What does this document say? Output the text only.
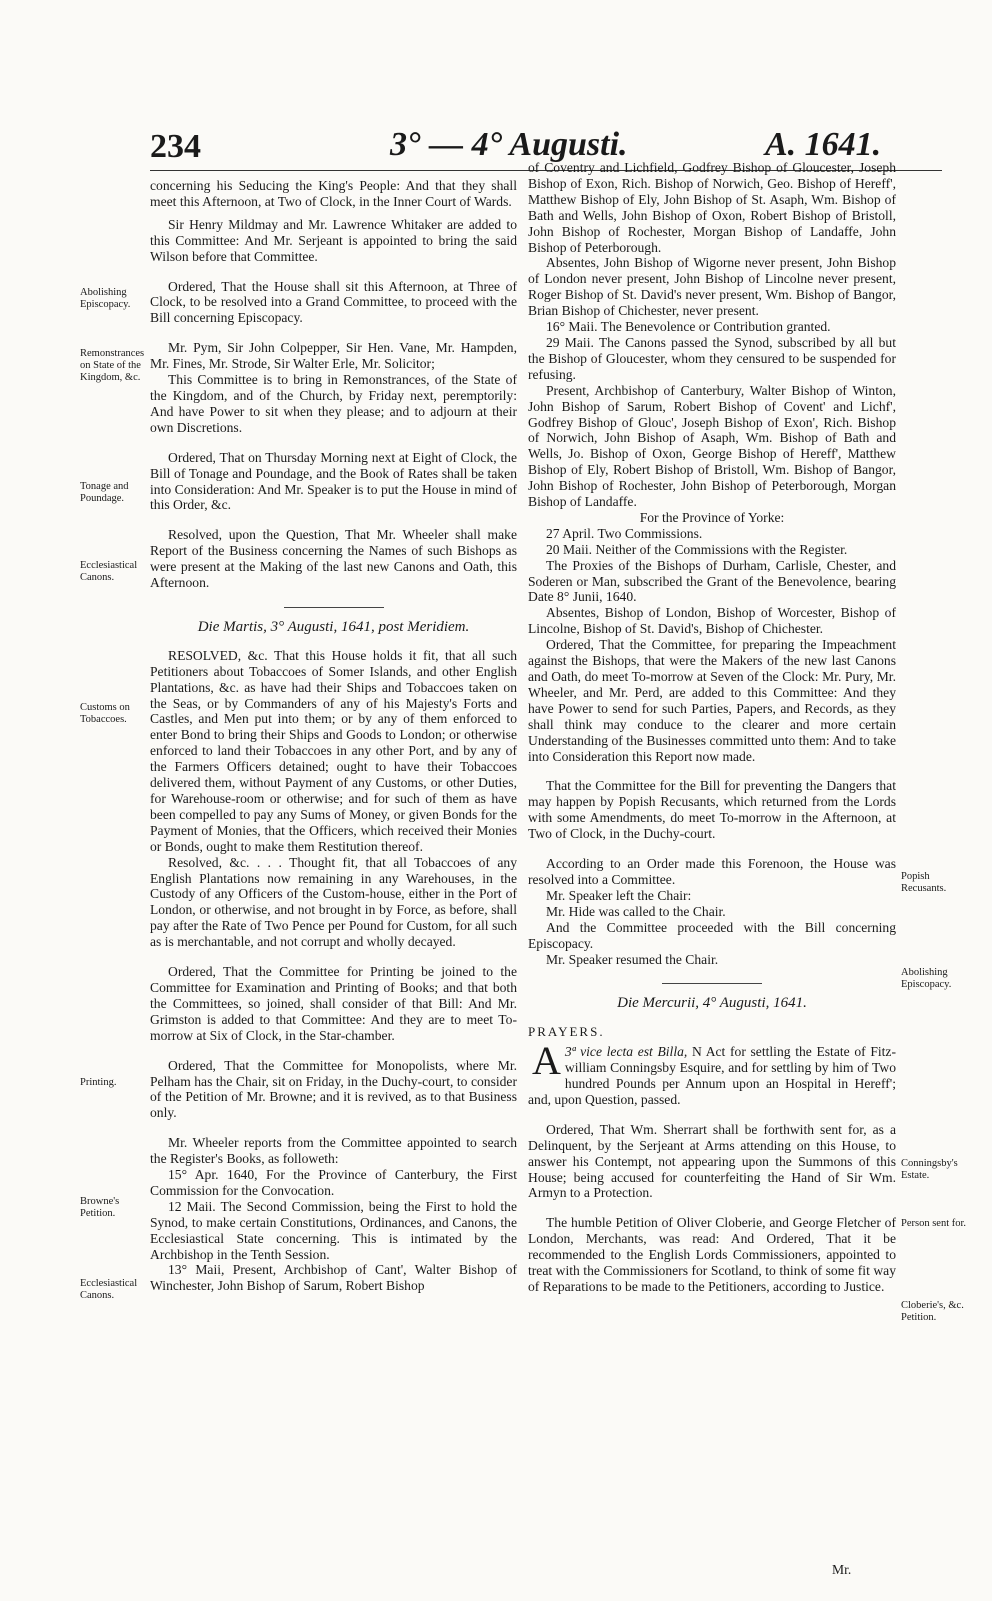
234	3° — 4° Augusti.	A. 1641.
Abolishing Episcopacy.
Remonstrances on State of the Kingdom, &c.
Tonage and Poundage.
Ecclesiastical Canons.
Customs on Tobaccoes.
Printing.
Browne's Petition.
Ecclesiastical Canons.
Popish Recusants.
Abolishing Episcopacy.
Conningsby's Estate.
Person sent for.
Cloberie's, &c. Petition.

concerning his Seducing the King's People: And that they shall meet this Afternoon, at Two of Clock, in the Inner Court of Wards.

Sir Henry Mildmay and Mr. Lawrence Whitaker are added to this Committee: And Mr. Serjeant is appointed to bring the said Wilson before that Committee.

Ordered, That the House shall sit this Afternoon, at Three of Clock, to be resolved into a Grand Committee, to proceed with the Bill concerning Episcopacy.

Mr. Pym, Sir John Colpepper, Sir Hen. Vane, Mr. Hampden, Mr. Fines, Mr. Strode, Sir Walter Erle, Mr. Solicitor;

This Committee is to bring in Remonstrances, of the State of the Kingdom, and of the Church, by Friday next, peremptorily: And have Power to sit when they please; and to adjourn at their own Discretions.

Ordered, That on Thursday Morning next at Eight of Clock, the Bill of Tonage and Poundage, and the Book of Rates shall be taken into Consideration: And Mr. Speaker is to put the House in mind of this Order, &c.

Resolved, upon the Question, That Mr. Wheeler shall make Report of the Business concerning the Names of such Bishops as were present at the Making of the last new Canons and Oath, this Afternoon.

Die Martis, 3° Augusti, 1641, post Meridiem.

RESOLVED, &c. That this House holds it fit, that all such Petitioners about Tobaccoes of Somer Islands, and other English Plantations, &c. as have had their Ships and Tobaccoes taken on the Seas, or by Commanders of any of his Majesty's Forts and Castles, and Men put into them; or by any of them enforced to enter Bond to bring their Ships and Goods to London; or otherwise enforced to land their Tobaccoes in any other Port, and by any of the Farmers Officers detained; ought to have their Tobaccoes delivered them, without Payment of any Customs, or other Duties, for Warehouse-room or otherwise; and for such of them as have been compelled to pay any Sums of Money, or given Bonds for the Payment of Monies, that the Officers, which received their Monies or Bonds, ought to make them Restitution thereof.

Resolved, &c. . . . Thought fit, that all Tobaccoes of any English Plantations now remaining in any Warehouses, in the Custody of any Officers of the Custom-house, either in the Port of London, or otherwise, and not brought in by Force, as before, shall pay after the Rate of Two Pence per Pound for Custom, for all such as is merchantable, and not corrupt and wholly decayed.

Ordered, That the Committee for Printing be joined to the Committee for Examination and Printing of Books; and that both the Committees, so joined, shall consider of that Bill: And Mr. Grimston is added to that Committee: And they are to meet To-morrow at Six of Clock, in the Star-chamber.

Ordered, That the Committee for Monopolists, where Mr. Pelham has the Chair, sit on Friday, in the Duchy-court, to consider of the Petition of Mr. Browne; and it is revived, as to that Business only.

Mr. Wheeler reports from the Committee appointed to search the Register's Books, as followeth:

15° Apr. 1640, For the Province of Canterbury, the First Commission for the Convocation.

12 Maii. The Second Commission, being the First to hold the Synod, to make certain Constitutions, Ordinances, and Canons, the Ecclesiastical State concerning. This is intimated by the Archbishop in the Tenth Session.

13° Maii, Present, Archbishop of Cant', Walter Bishop of Winchester, John Bishop of Sarum, Robert Bishop

of Coventry and Lichfield, Godfrey Bishop of Gloucester, Joseph Bishop of Exon, Rich. Bishop of Norwich, Geo. Bishop of Hereff', Matthew Bishop of Ely, John Bishop of St. Asaph, Wm. Bishop of Bath and Wells, John Bishop of Oxon, Robert Bishop of Bristoll, John Bishop of Rochester, Morgan Bishop of Landaffe, John Bishop of Peterborough.

Absentes, John Bishop of Wigorne never present, John Bishop of London never present, John Bishop of Lincolne never present, Roger Bishop of St. David's never present, Wm. Bishop of Bangor, Brian Bishop of Chichester, never present.

16° Maii. The Benevolence or Contribution granted.

29 Maii. The Canons passed the Synod, subscribed by all but the Bishop of Gloucester, whom they censured to be suspended for refusing.

Present, Archbishop of Canterbury, Walter Bishop of Winton, John Bishop of Sarum, Robert Bishop of Covent' and Lichf', Godfrey Bishop of Glouc', Joseph Bishop of Exon', Rich. Bishop of Norwich, John Bishop of Asaph, Wm. Bishop of Bath and Wells, Jo. Bishop of Oxon, George Bishop of Hereff', Matthew Bishop of Ely, Robert Bishop of Bristoll, Wm. Bishop of Bangor, John Bishop of Rochester, John Bishop of Peterborough, Morgan Bishop of Landaffe.

For the Province of Yorke:

27 April. Two Commissions.

20 Maii. Neither of the Commissions with the Register.

The Proxies of the Bishops of Durham, Carlisle, Chester, and Soderen or Man, subscribed the Grant of the Benevolence, bearing Date 8° Junii, 1640.

Absentes, Bishop of London, Bishop of Worcester, Bishop of Lincolne, Bishop of St. David's, Bishop of Chichester.

Ordered, That the Committee, for preparing the Impeachment against the Bishops, that were the Makers of the new last Canons and Oath, do meet To-morrow at Seven of the Clock: Mr. Pury, Mr. Wheeler, and Mr. Perd, are added to this Committee: And they have Power to send for such Parties, Papers, and Records, as they shall think may conduce to the clearer and more certain Understanding of the Businesses committed unto them: And to take into Consideration this Report now made.

That the Committee for the Bill for preventing the Dangers that may happen by Popish Recusants, which returned from the Lords with some Amendments, do meet To-morrow in the Afternoon, at Two of Clock, in the Duchy-court.

According to an Order made this Forenoon, the House was resolved into a Committee.

Mr. Speaker left the Chair:

Mr. Hide was called to the Chair.

And the Committee proceeded with the Bill concerning Episcopacy.

Mr. Speaker resumed the Chair.

Die Mercurii, 4° Augusti, 1641.
PRAYERS.

3ª vice lecta est Billa,
A	N Act for settling the Estate of Fitz-william Conningsby Esquire, and for settling by him of Two hundred Pounds per Annum upon an Hospital in Hereff'; and, upon Question, passed.

Ordered, That Wm. Sherrart shall be forthwith sent for, as a Delinquent, by the Serjeant at Arms attending on this House, to answer his Contempt, not appearing upon the Summons of this House; being accused for counterfeiting the Hand of Sir Wm. Armyn to a Protection.

The humble Petition of Oliver Cloberie, and George Fletcher of London, Merchants, was read: And Ordered, That it be recommended to the English Lords Commissioners, appointed to treat with the Commissioners for Scotland, to think of some fit way of Reparations to be made to the Petitioners, according to Justice.

Mr.
